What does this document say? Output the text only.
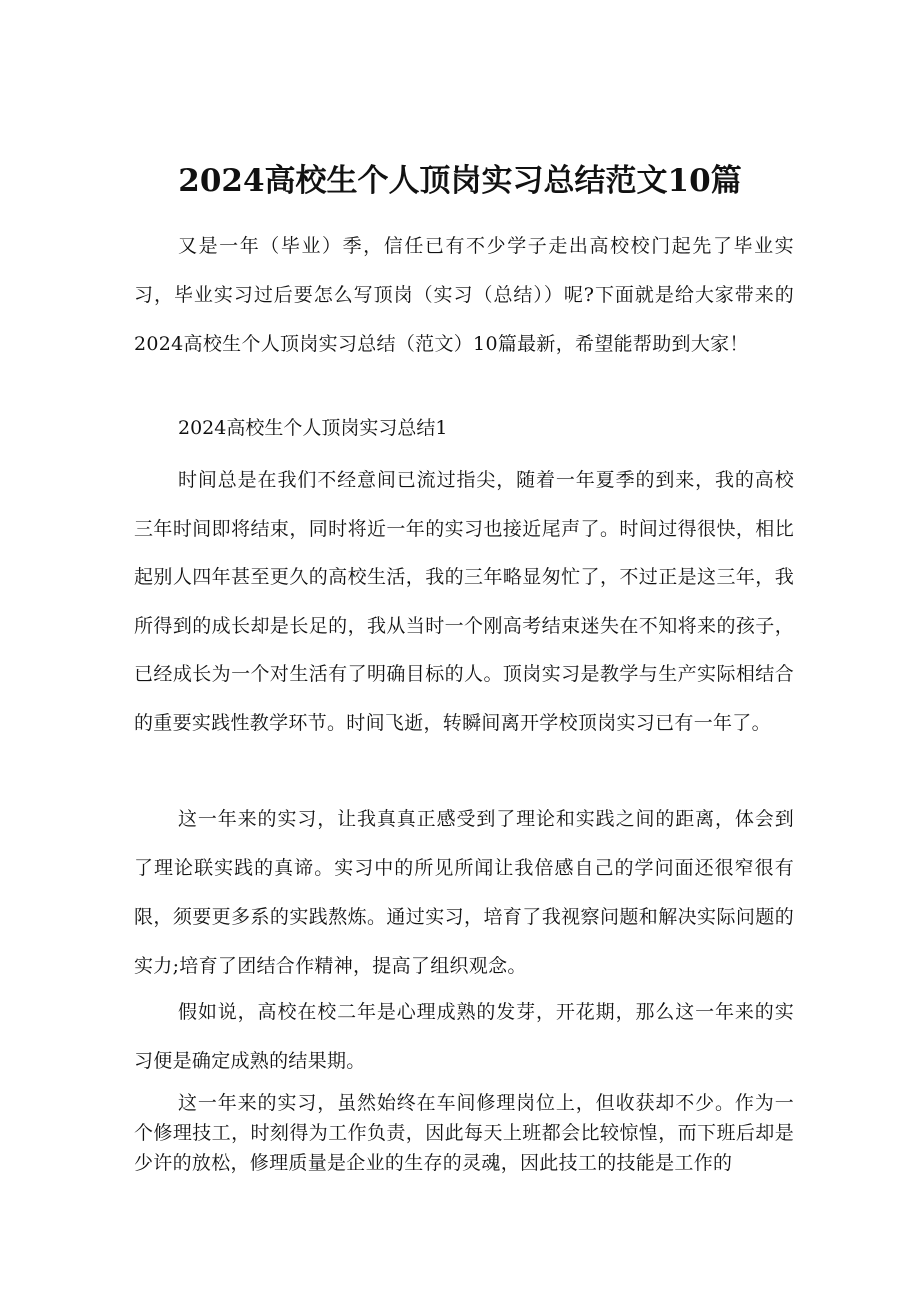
2024高校生个人顶岗实习总结范文10篇

又是一年（毕业）季，信任已有不少学子走出高校校门起先了毕业实习，毕业实习过后要怎么写顶岗（实习（总结））呢?下面就是给大家带来的2024高校生个人顶岗实习总结（范文）10篇最新，希望能帮助到大家！

2024高校生个人顶岗实习总结1

时间总是在我们不经意间已流过指尖，随着一年夏季的到来，我的高校三年时间即将结束，同时将近一年的实习也接近尾声了。时间过得很快，相比起别人四年甚至更久的高校生活，我的三年略显匆忙了，不过正是这三年，我所得到的成长却是长足的，我从当时一个刚高考结束迷失在不知将来的孩子，已经成长为一个对生活有了明确目标的人。顶岗实习是教学与生产实际相结合的重要实践性教学环节。时间飞逝，转瞬间离开学校顶岗实习已有一年了。

这一年来的实习，让我真真正感受到了理论和实践之间的距离，体会到了理论联实践的真谛。实习中的所见所闻让我倍感自己的学问面还很窄很有限，须要更多系的实践熬炼。通过实习，培育了我视察问题和解决实际问题的实力;培育了团结合作精神，提高了组织观念。

假如说，高校在校二年是心理成熟的发芽，开花期，那么这一年来的实习便是确定成熟的结果期。

这一年来的实习，虽然始终在车间修理岗位上，但收获却不少。作为一个修理技工，时刻得为工作负责，因此每天上班都会比较惊惶，而下班后却是少许的放松，修理质量是企业的生存的灵魂，因此技工的技能是工作的
